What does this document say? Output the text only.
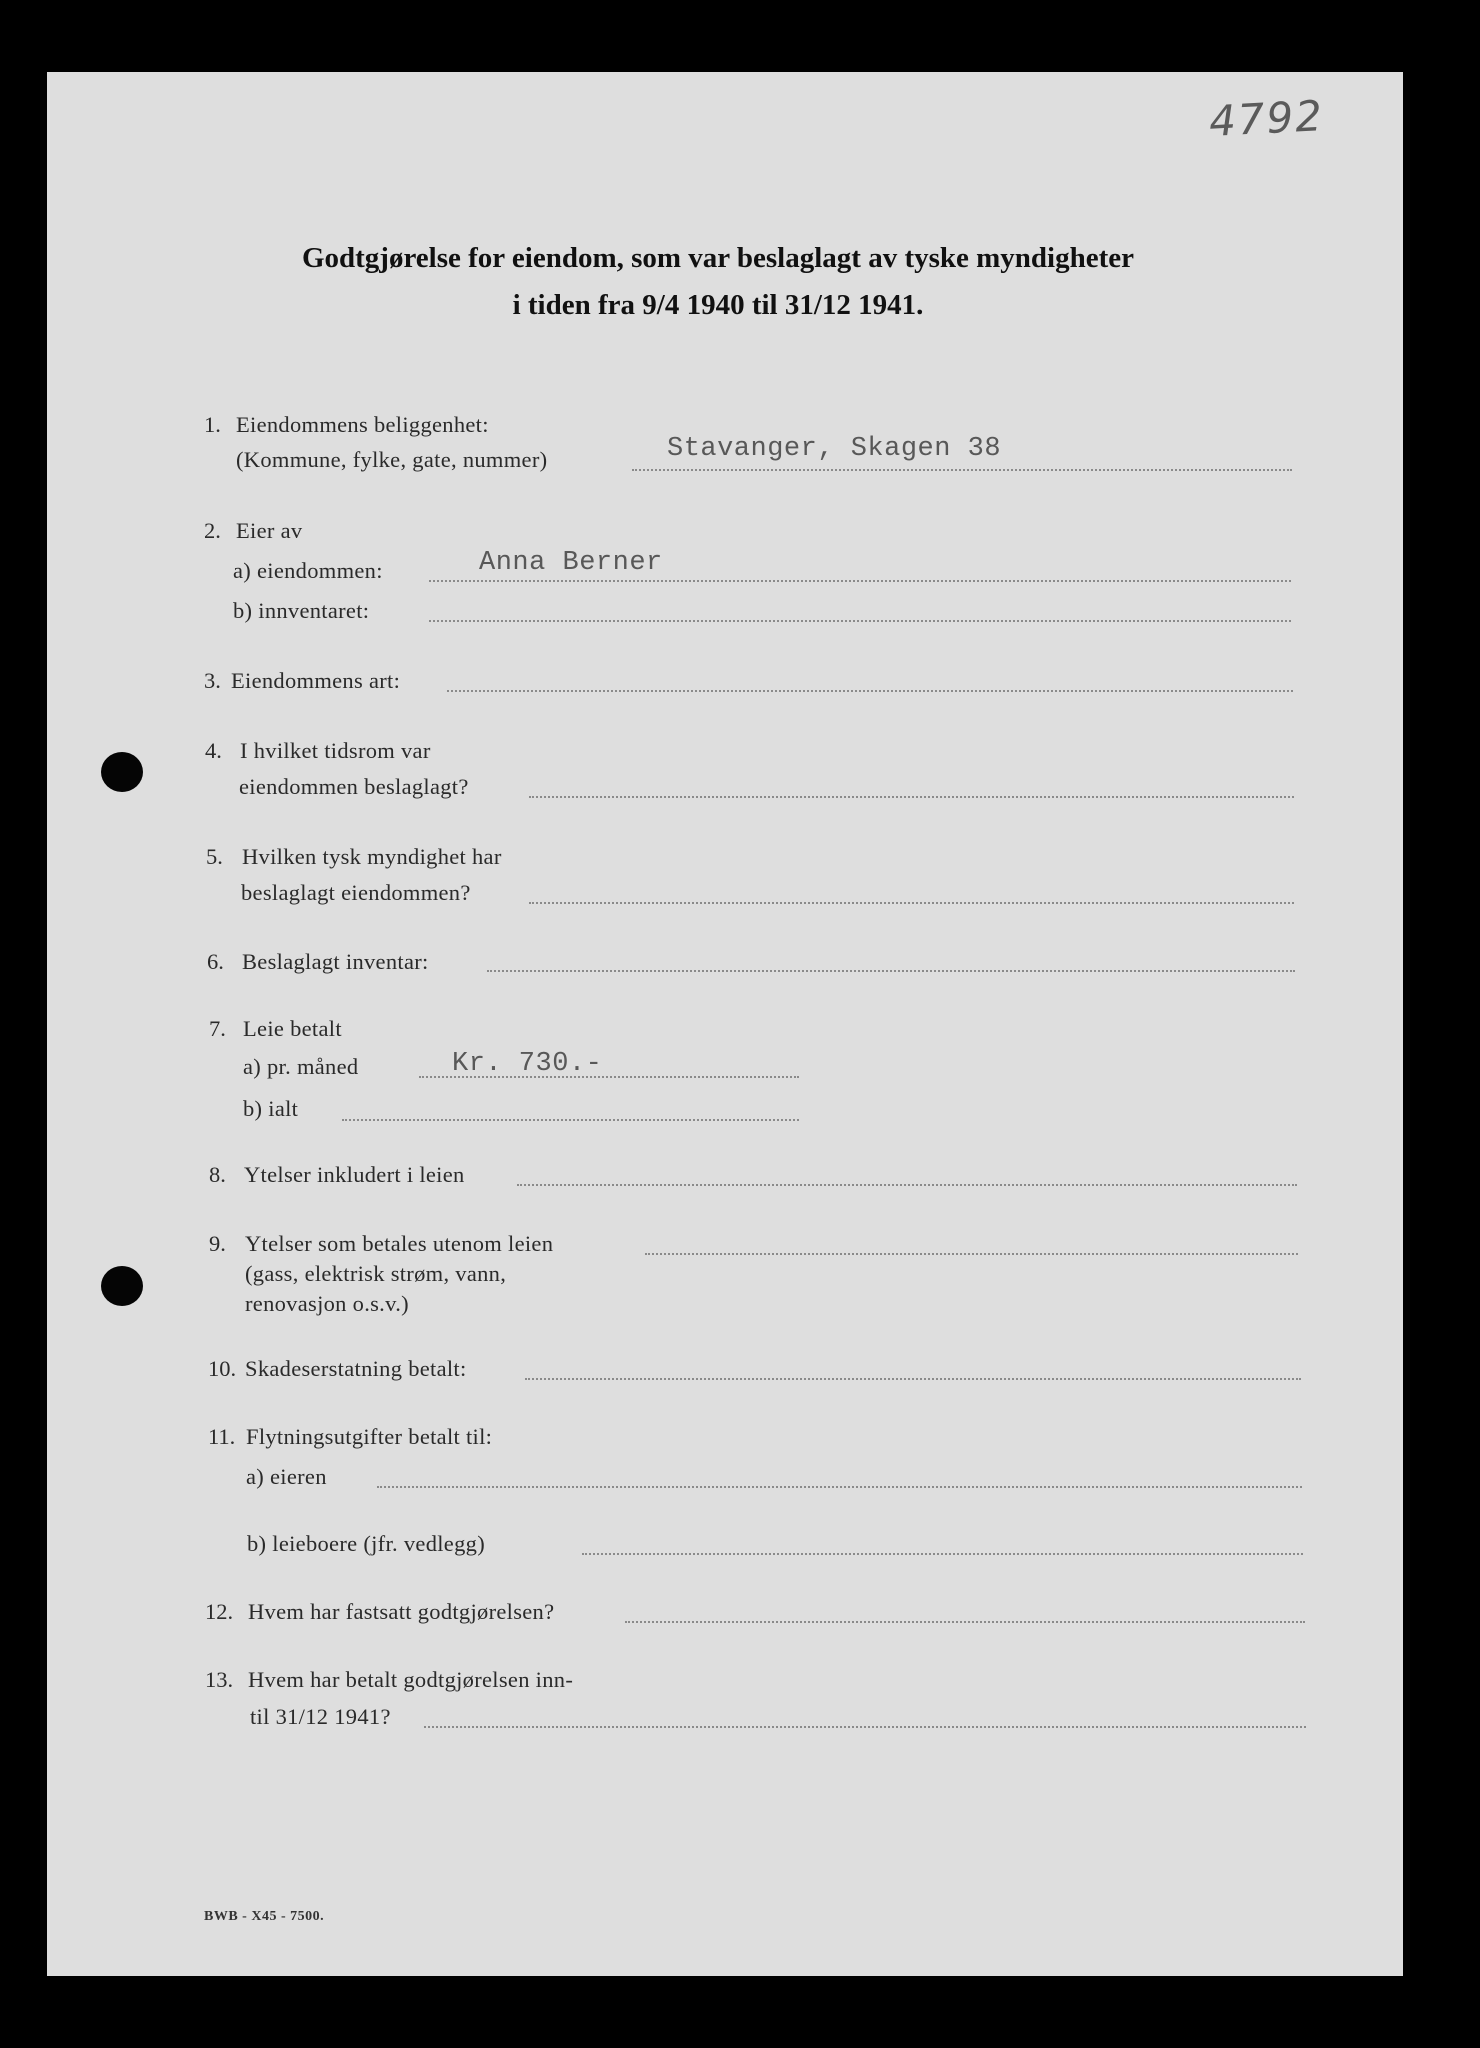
4792
Godtgjørelse for eiendom, som var beslaglagt av tyske myndigheter
i tiden fra 9/4 1940 til 31/12 1941.
1. Eiendommens beliggenhet:
(Kommune, fylke, gate, nummer)	Stavanger, Skagen 38
2. Eier av
a) eiendommen:	Anna Berner
b) innventaret:
3. Eiendommens art:
4. I hvilket tidsrom var
eiendommen beslaglagt?
5. Hvilken tysk myndighet har
beslaglagt eiendommen?
6. Beslaglagt inventar:
7. Leie betalt
a) pr. måned	Kr. 730.-
b) ialt
8. Ytelser inkludert i leien
9. Ytelser som betales utenom leien
(gass, elektrisk strøm, vann,
renovasjon o.s.v.)
10. Skadeserstatning betalt:
11. Flytningsutgifter betalt til:
a) eieren
b) leieboere (jfr. vedlegg)
12. Hvem har fastsatt godtgjørelsen?
13. Hvem har betalt godtgjørelsen inn-
til 31/12 1941?
BWB - X45 - 7500.
